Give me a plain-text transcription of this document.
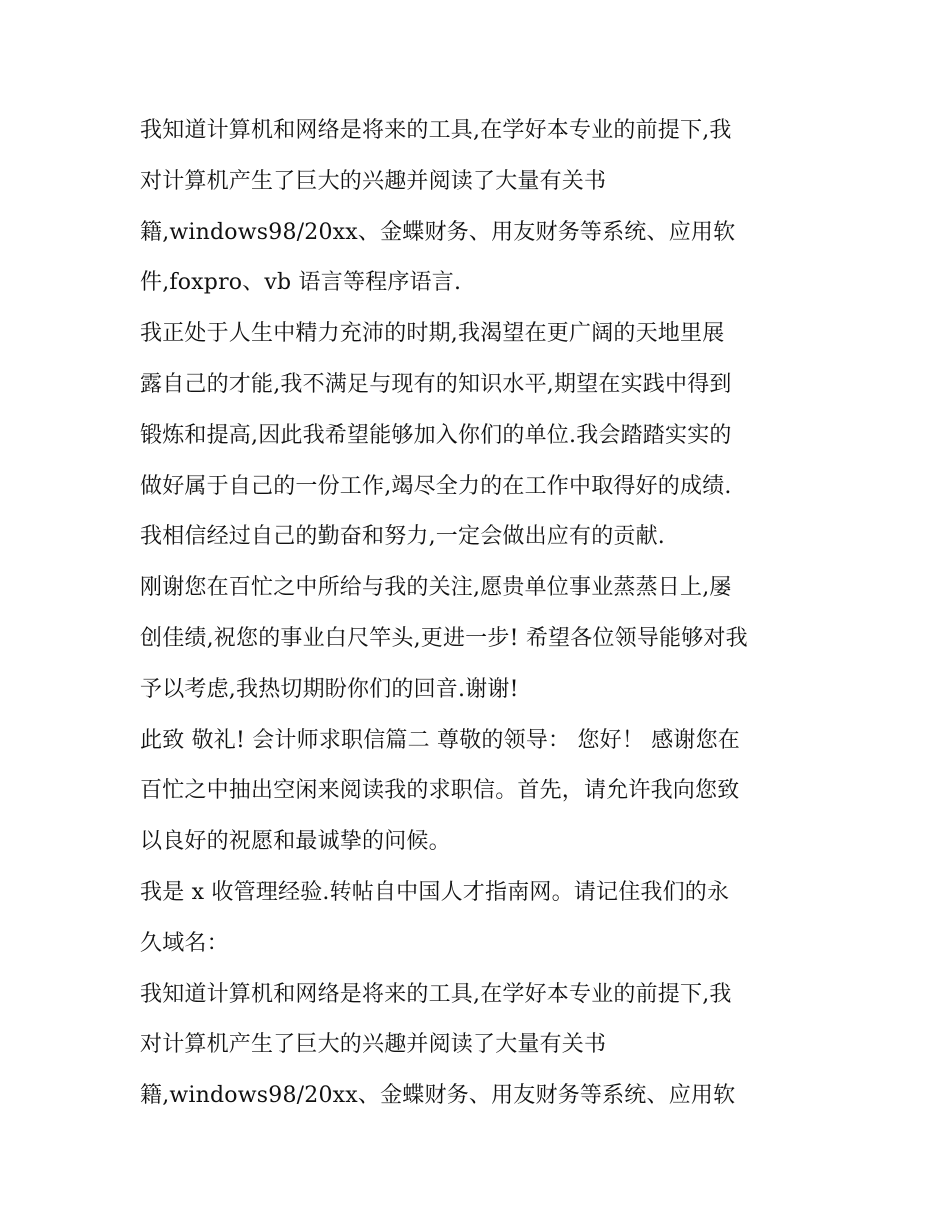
我知道计算机和网络是将来的工具,在学好本专业的前提下,我
对计算机产生了巨大的兴趣并阅读了大量有关书
籍,windows98/20xx、金蝶财务、用友财务等系统、应用软
件,foxpro、vb 语言等程序语言.
我正处于人生中精力充沛的时期,我渴望在更广阔的天地里展
露自己的才能,我不满足与现有的知识水平,期望在实践中得到
锻炼和提高,因此我希望能够加入你们的单位.我会踏踏实实的
做好属于自己的一份工作,竭尽全力的在工作中取得好的成绩.
我相信经过自己的勤奋和努力,一定会做出应有的贡献.
刚谢您在百忙之中所给与我的关注,愿贵单位事业蒸蒸日上,屡
创佳绩,祝您的事业白尺竿头,更进一步! 希望各位领导能够对我
予以考虑,我热切期盼你们的回音.谢谢!
此致 敬礼! 会计师求职信篇二 尊敬的领导： 您好！ 感谢您在
百忙之中抽出空闲来阅读我的求职信。首先，请允许我向您致
以良好的祝愿和最诚挚的问候。
我是 x 收管理经验.转帖自中国人才指南网。请记住我们的永
久域名：
我知道计算机和网络是将来的工具,在学好本专业的前提下,我
对计算机产生了巨大的兴趣并阅读了大量有关书
籍,windows98/20xx、金蝶财务、用友财务等系统、应用软
